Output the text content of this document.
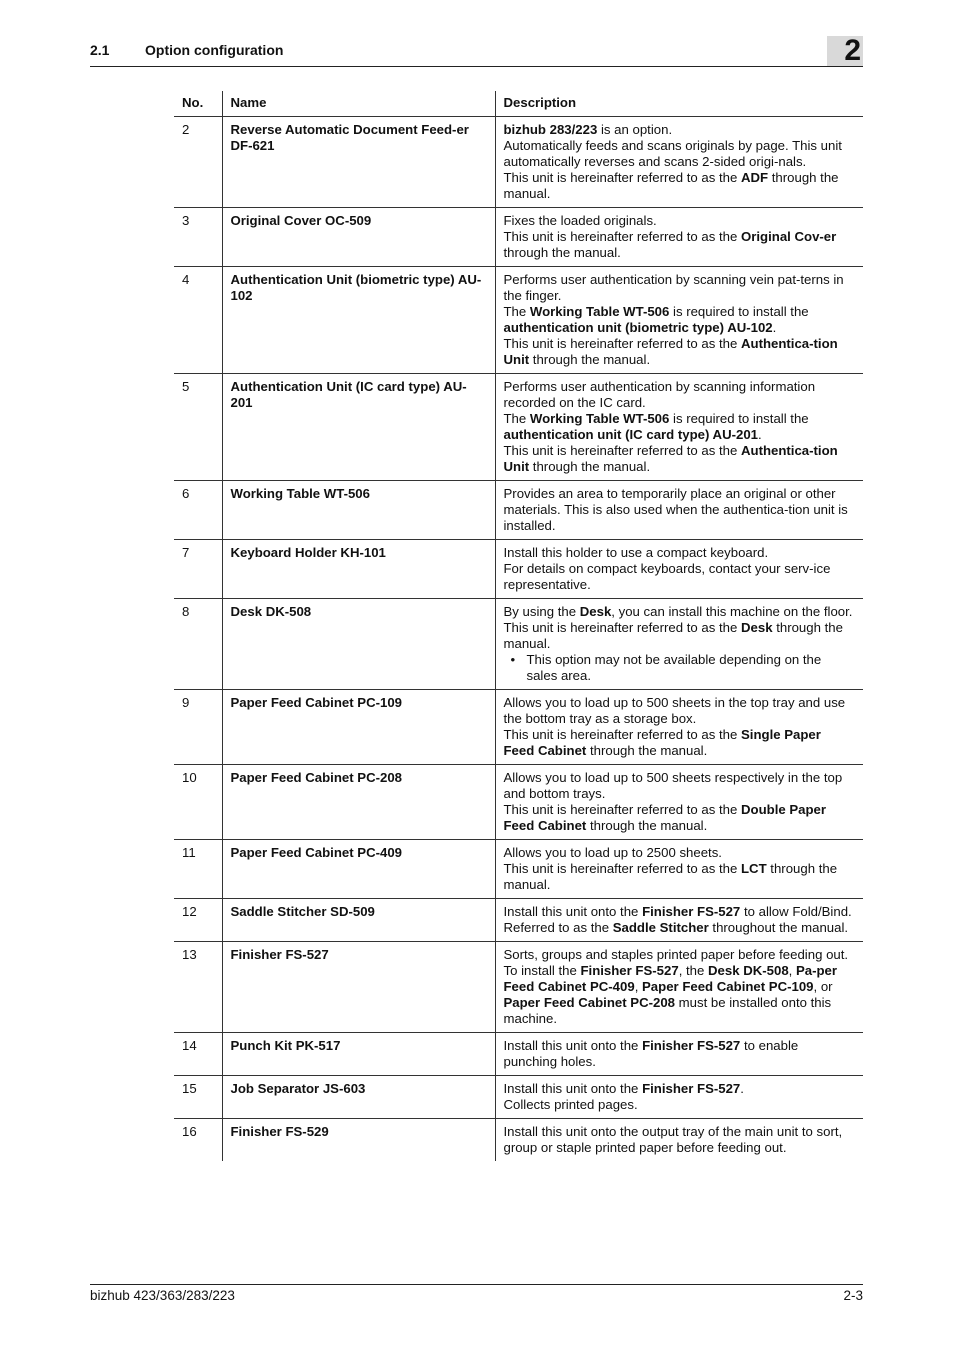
2.1	Option configuration	2
No.	Name	Description
2	Reverse Automatic Document Feed-er DF-621	bizhub 283/223 is an option.
Automatically feeds and scans originals by page. This unit automatically reverses and scans 2-sided origi-nals.
This unit is hereinafter referred to as the ADF through the manual.

3	Original Cover OC-509	Fixes the loaded originals.
This unit is hereinafter referred to as the Original Cov-er through the manual.

4	Authentication Unit (biometric type) AU-102	Performs user authentication by scanning vein pat-terns in the finger.
The Working Table WT-506 is required to install the authentication unit (biometric type) AU-102.
This unit is hereinafter referred to as the Authentica-tion Unit through the manual.

5	Authentication Unit (IC card type) AU-201	Performs user authentication by scanning information recorded on the IC card.
The Working Table WT-506 is required to install the authentication unit (IC card type) AU-201.
This unit is hereinafter referred to as the Authentica-tion Unit through the manual.

6	Working Table WT-506	Provides an area to temporarily place an original or other materials. This is also used when the authentica-tion unit is installed.

7	Keyboard Holder KH-101	Install this holder to use a compact keyboard.
For details on compact keyboards, contact your serv-ice representative.

8	Desk DK-508	By using the Desk, you can install this machine on the floor.
This unit is hereinafter referred to as the Desk through the manual.
• This option may not be available depending on the sales area.

9	Paper Feed Cabinet PC-109	Allows you to load up to 500 sheets in the top tray and use the bottom tray as a storage box.
This unit is hereinafter referred to as the Single Paper Feed Cabinet through the manual.

10	Paper Feed Cabinet PC-208	Allows you to load up to 500 sheets respectively in the top and bottom trays.
This unit is hereinafter referred to as the Double Paper Feed Cabinet through the manual.

11	Paper Feed Cabinet PC-409	Allows you to load up to 2500 sheets.
This unit is hereinafter referred to as the LCT through the manual.

12	Saddle Stitcher SD-509	Install this unit onto the Finisher FS-527 to allow Fold/Bind.
Referred to as the Saddle Stitcher throughout the manual.

13	Finisher FS-527	Sorts, groups and staples printed paper before feeding out.
To install the Finisher FS-527, the Desk DK-508, Pa-per Feed Cabinet PC-409, Paper Feed Cabinet PC-109, or Paper Feed Cabinet PC-208 must be installed onto this machine.

14	Punch Kit PK-517	Install this unit onto the Finisher FS-527 to enable punching holes.

15	Job Separator JS-603	Install this unit onto the Finisher FS-527.
Collects printed pages.

16	Finisher FS-529	Install this unit onto the output tray of the main unit to sort, group or staple printed paper before feeding out.
bizhub 423/363/283/223	2-3
